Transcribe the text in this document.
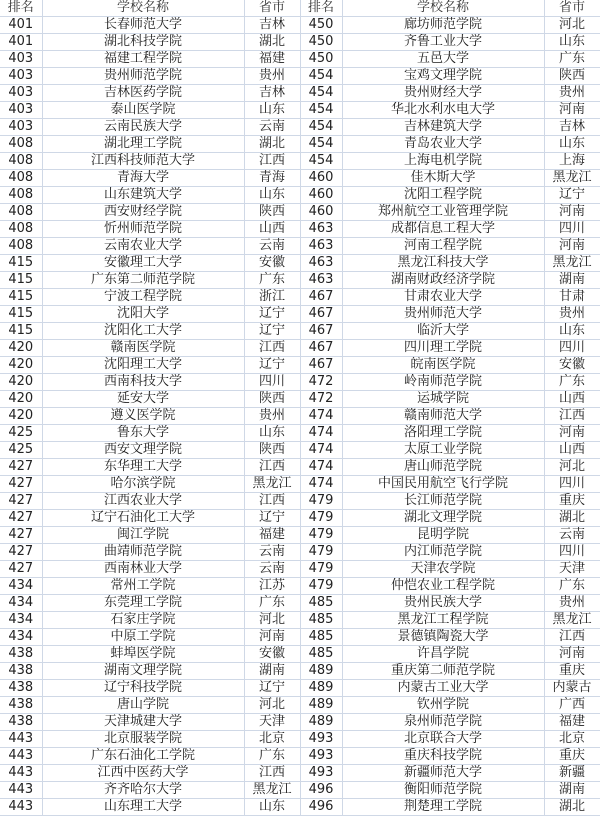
排名	学校名称	省市	排名	学校名称	省市
401	长春师范大学	吉林	450	廊坊师范学院	河北
401	湖北科技学院	湖北	450	齐鲁工业大学	山东
403	福建工程学院	福建	450	五邑大学	广东
403	贵州师范学院	贵州	454	宝鸡文理学院	陕西
403	吉林医药学院	吉林	454	贵州财经大学	贵州
403	泰山医学院	山东	454	华北水利水电大学	河南
403	云南民族大学	云南	454	吉林建筑大学	吉林
408	湖北理工学院	湖北	454	青岛农业大学	山东
408	江西科技师范大学	江西	454	上海电机学院	上海
408	青海大学	青海	460	佳木斯大学	黑龙江
408	山东建筑大学	山东	460	沈阳工程学院	辽宁
408	西安财经学院	陕西	460	郑州航空工业管理学院	河南
408	忻州师范学院	山西	463	成都信息工程大学	四川
408	云南农业大学	云南	463	河南工程学院	河南
415	安徽理工大学	安徽	463	黑龙江科技大学	黑龙江
415	广东第二师范学院	广东	463	湖南财政经济学院	湖南
415	宁波工程学院	浙江	467	甘肃农业大学	甘肃
415	沈阳大学	辽宁	467	贵州师范大学	贵州
415	沈阳化工大学	辽宁	467	临沂大学	山东
420	赣南医学院	江西	467	四川理工学院	四川
420	沈阳理工大学	辽宁	467	皖南医学院	安徽
420	西南科技大学	四川	472	岭南师范学院	广东
420	延安大学	陕西	472	运城学院	山西
420	遵义医学院	贵州	474	赣南师范大学	江西
425	鲁东大学	山东	474	洛阳理工学院	河南
425	西安文理学院	陕西	474	太原工业学院	山西
427	东华理工大学	江西	474	唐山师范学院	河北
427	哈尔滨学院	黑龙江	474	中国民用航空飞行学院	四川
427	江西农业大学	江西	479	长江师范学院	重庆
427	辽宁石油化工大学	辽宁	479	湖北文理学院	湖北
427	闽江学院	福建	479	昆明学院	云南
427	曲靖师范学院	云南	479	内江师范学院	四川
427	西南林业大学	云南	479	天津农学院	天津
434	常州工学院	江苏	479	仲恺农业工程学院	广东
434	东莞理工学院	广东	485	贵州民族大学	贵州
434	石家庄学院	河北	485	黑龙江工程学院	黑龙江
434	中原工学院	河南	485	景德镇陶瓷大学	江西
438	蚌埠医学院	安徽	485	许昌学院	河南
438	湖南文理学院	湖南	489	重庆第二师范学院	重庆
438	辽宁科技学院	辽宁	489	内蒙古工业大学	内蒙古
438	唐山学院	河北	489	钦州学院	广西
438	天津城建大学	天津	489	泉州师范学院	福建
443	北京服装学院	北京	493	北京联合大学	北京
443	广东石油化工学院	广东	493	重庆科技学院	重庆
443	江西中医药大学	江西	493	新疆师范大学	新疆
443	齐齐哈尔大学	黑龙江	496	衡阳师范学院	湖南
443	山东理工大学	山东	496	荆楚理工学院	湖北
